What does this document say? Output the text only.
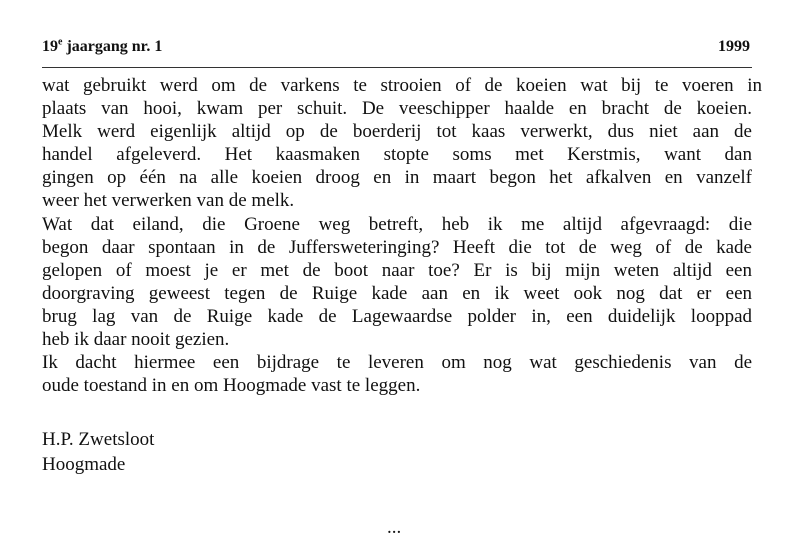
19e jaargang nr. 1	1999

wat gebruikt werd om de varkens te strooien of de koeien wat bij te voeren in
plaats van hooi, kwam per schuit. De veeschipper haalde en bracht de koeien.
Melk werd eigenlijk altijd op de boerderij tot kaas verwerkt, dus niet aan de
handel afgeleverd. Het kaasmaken stopte soms met Kerstmis, want dan
gingen op één na alle koeien droog en in maart begon het afkalven en vanzelf
weer het verwerken van de melk.

Wat dat eiland, die Groene weg betreft, heb ik me altijd afgevraagd: die
begon daar spontaan in de Juffersweteringing? Heeft die tot de weg of de kade
gelopen of moest je er met de boot naar toe? Er is bij mijn weten altijd een
doorgraving geweest tegen de Ruige kade aan en ik weet ook nog dat er een
brug lag van de Ruige kade de Lagewaardse polder in, een duidelijk looppad
heb ik daar nooit gezien.

Ik dacht hiermee een bijdrage te leveren om nog wat geschiedenis van de
oude toestand in en om Hoogmade vast te leggen.

H.P. Zwetsloot
Hoogmade
...
